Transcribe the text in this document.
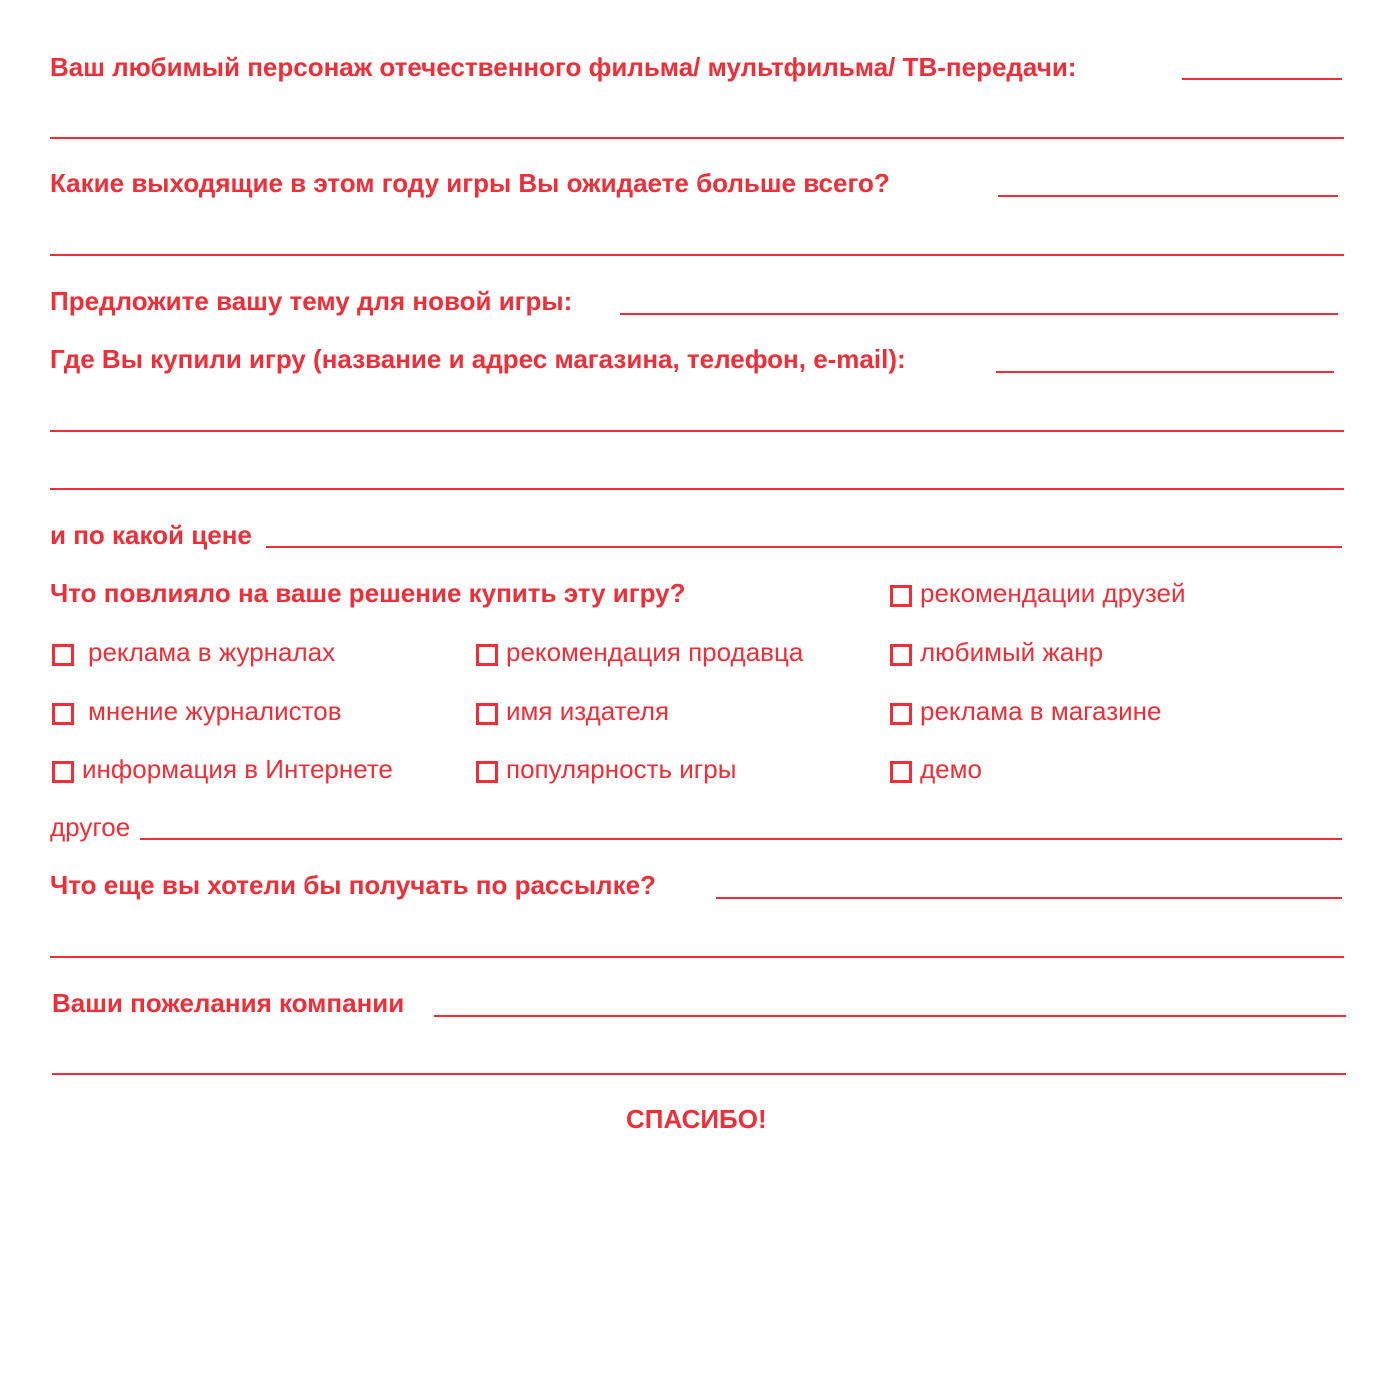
Ваш любимый персонаж отечественного фильма/ мультфильма/ ТВ-передачи:
Какие выходящие в этом году игры Вы ожидаете больше всего?
Предложите вашу тему для новой игры:
Где Вы купили игру (название и адрес магазина, телефон, e-mail):
и по какой цене
Что повлияло на ваше решение купить эту игру?	рекомендации друзей
реклама в журналах	рекомендация продавца	любимый жанр
мнение журналистов	имя издателя	реклама в магазине
информация в Интернете	популярность игры	демо
другое
Что еще вы хотели бы получать по рассылке?
Ваши пожелания компании
СПАСИБО!
